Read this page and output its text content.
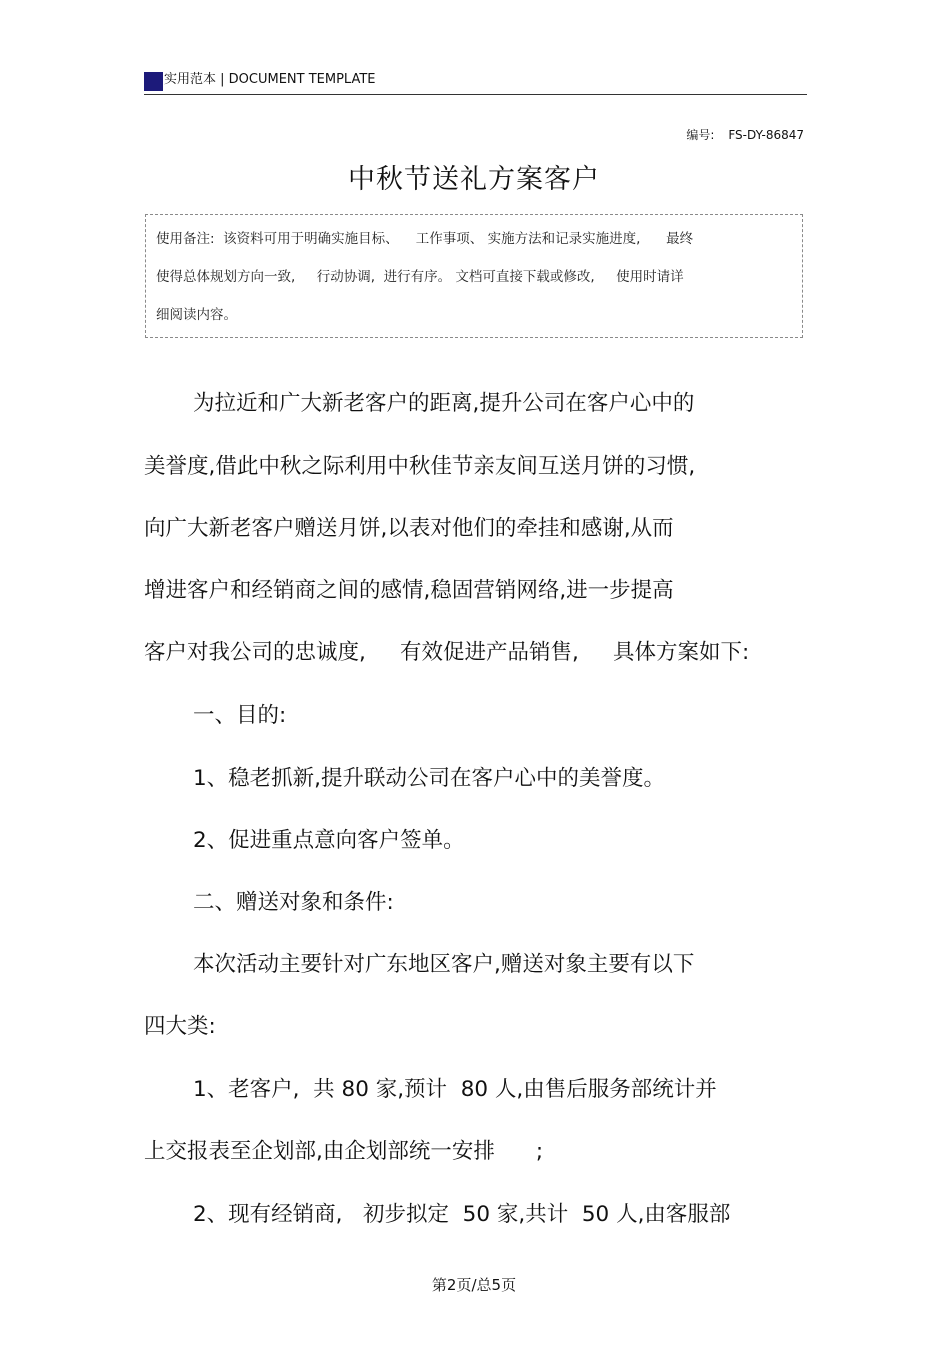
实用范本 | DOCUMENT TEMPLATE
编号: FS-DY-86847
中秋节送礼方案客户
使用备注:  该资料可用于明确实施目标、    工作事项、 实施方法和记录实施进度,      最终
使得总体规划方向一致,     行动协调,  进行有序。 文档可直接下载或修改,     使用时请详
细阅读内容。
为拉近和广大新老客户的距离,提升公司在客户心中的
美誉度,借此中秋之际利用中秋佳节亲友间互送月饼的习惯,
向广大新老客户赠送月饼,以表对他们的牵挂和感谢,从而
增进客户和经销商之间的感情,稳固营销网络,进一步提高
客户对我公司的忠诚度,     有效促进产品销售,     具体方案如下:
一、目的:
1、稳老抓新,提升联动公司在客户心中的美誉度。
2、促进重点意向客户签单。
二、赠送对象和条件:
本次活动主要针对广东地区客户,赠送对象主要有以下
四大类:
1、老客户,  共 80 家,预计  80 人,由售后服务部统计并
上交报表至企划部,由企划部统一安排      ;
2、现有经销商,   初步拟定  50 家,共计  50 人,由客服部
第2页/总5页
